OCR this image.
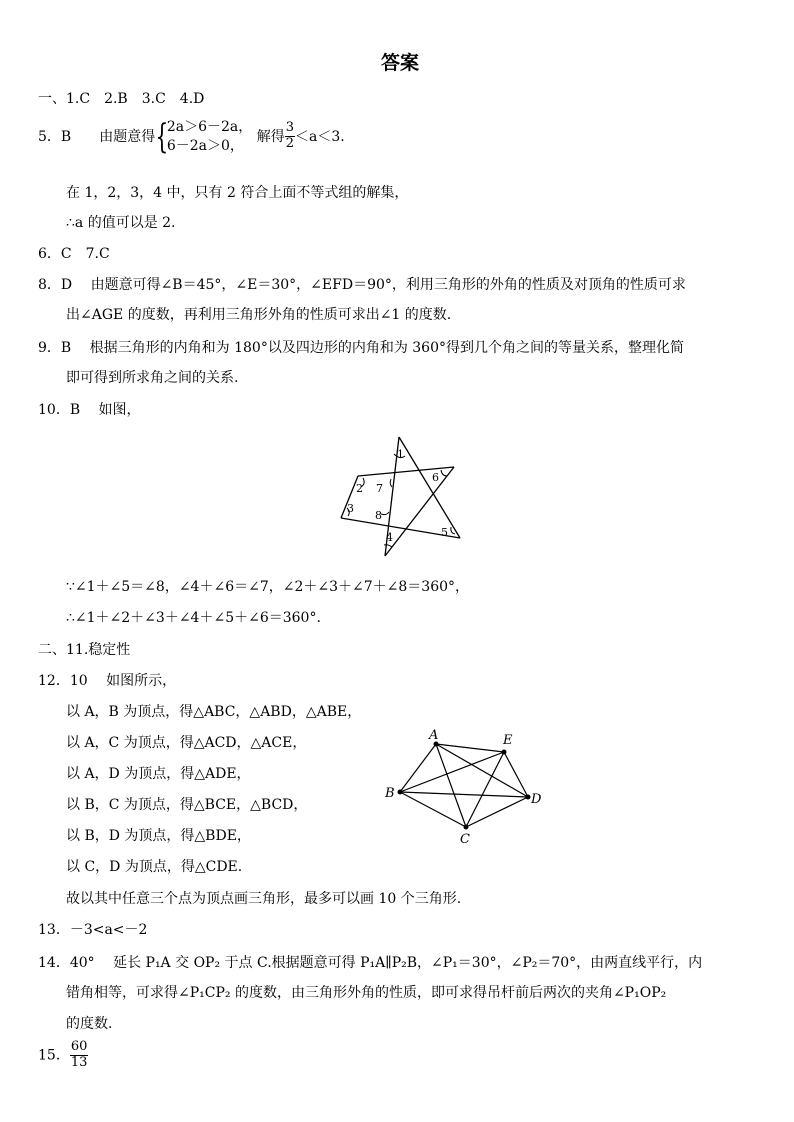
答案
一、1.C　2.B　3.C　4.D
5．B　　由题意得{
2a＞6－2a，
6－2a＞0，
解得 $\frac{3}{2} <a<3$.
在 1，2，3，4 中，只有 2 符合上面不等式组的解集，
∴a 的值可以是 2.
6．C　7.C
8．D　 由题意可得∠B＝45°，∠E＝30°，∠EFD＝90°，利用三角形的外角的性质及对顶角的性质可求
出∠AGE 的度数，再利用三角形外角的性质可求出∠1 的度数.
9．B　 根据三角形的内角和为 180°以及四边形的内角和为 360°得到几个角之间的等量关系，整理化简
即可得到所求角之间的关系.
10．B　 如图，
1
2
3
4	5
6
7
8
∵∠1＋∠5＝∠8，∠4＋∠6＝∠7，∠2＋∠3＋∠7＋∠8＝360°，
∴∠1＋∠2＋∠3＋∠4＋∠5＋∠6＝360°.
二、11.稳定性
12．10　 如图所示，
以 A，B 为顶点，得△ABC，△ABD，△ABE，
以 A，C 为顶点，得△ACD，△ACE，
以 A，D 为顶点，得△ADE，
以 B，C 为顶点，得△BCE，△BCD，
以 B，D 为顶点，得△BDE，
以 C，D 为顶点，得△CDE.
故以其中任意三个点为顶点画三角形，最多可以画 10 个三角形.
A	E
B	D
C
13．－3<a<－2
14．40°　 延长 P₁A 交 OP₂ 于点 C.根据题意可得 P₁A∥P₂B，∠P₁＝30°，∠P₂＝70°，由两直线平行，内
错角相等，可求得∠P₁CP₂ 的度数，由三角形外角的性质，即可求得吊杆前后两次的夹角∠P₁OP₂
的度数.
15． $\frac{60}{13}$
